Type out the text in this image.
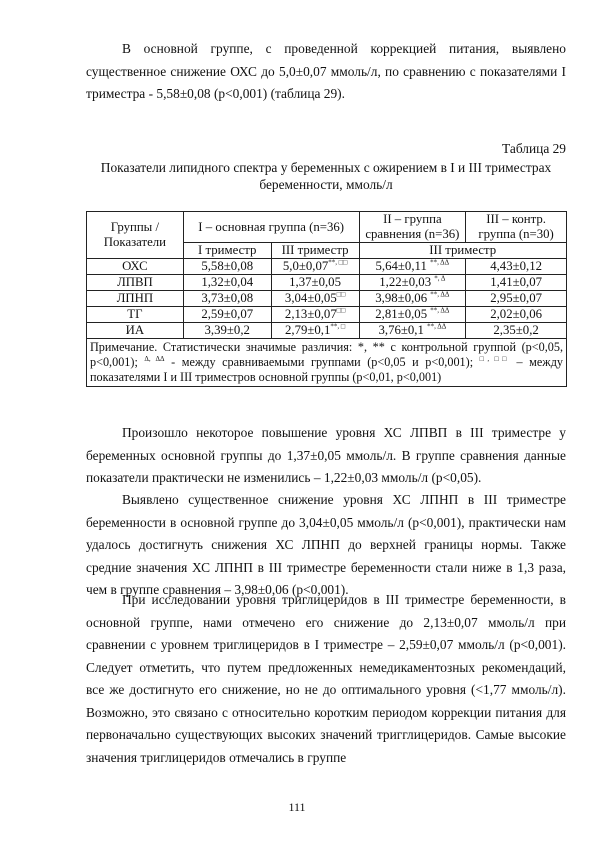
В основной группе, с проведенной коррекцией питания, выявлено существенное снижение ОХС до 5,0±0,07 ммоль/л, по сравнению с показателями I триместра - 5,58±0,08 (p<0,001) (таблица 29).

Таблица 29
Показатели липидного спектра у беременных с ожирением в I и III триместрах беременности, ммоль/л
Группы / Показатели	I – основная группа (n=36)		II – группа сравнения (n=36)	III – контр. группа (n=30)
	I триместр	III триместр	III триместр	
ОХС	5,58±0,08	5,0±0,07**, □□	5,64±0,11 $^{**, \Delta\Delta}$	4,43±0,12
ЛПВП	1,32±0,04	1,37±0,05	1,22±0,03 $^{*, \Delta}$	1,41±0,07
ЛПНП	3,73±0,08	3,04±0,05□□	3,98±0,06 $^{**, \Delta\Delta}$	2,95±0,07
ТГ	2,59±0,07	2,13±0,07□□	2,81±0,05 $^{**, \Delta\Delta}$	2,02±0,06
ИА	3,39±0,2	2,79±0,1**, □	3,76±0,1 $^{**, \Delta\Delta}$	2,35±0,2
Примечание. Статистически значимые различия: *, ** с контрольной группой (p<0,05, p<0,001); $^{\Delta, \Delta\Delta}$ - между сравниваемыми группами (p<0,05 и p<0,001); □, □□ – между показателями I и III триместров основной группы (p<0,01, p<0,001)				

Произошло некоторое повышение уровня ХС ЛПВП в III триместре у беременных основной группы до 1,37±0,05 ммоль/л. В группе сравнения данные показатели практически не изменились – 1,22±0,03 ммоль/л (p<0,05).

Выявлено существенное снижение уровня ХС ЛПНП в III триместре беременности в основной группе до 3,04±0,05 ммоль/л (p<0,001), практически нам удалось достигнуть снижения ХС ЛПНП до верхней границы нормы. Также средние значения ХС ЛПНП в III триместре беременности стали ниже в 1,3 раза, чем в группе сравнения – 3,98±0,06 (p<0,001).

При исследовании уровня триглицеридов в III триместре беременности, в основной группе, нами отмечено его снижение до 2,13±0,07 ммоль/л при сравнении с уровнем триглицеридов в I триместре – 2,59±0,07 ммоль/л (p<0,001). Следует отметить, что путем предложенных немедикаментозных рекомендаций, все же достигнуто его снижение, но не до оптимального уровня (<1,77 ммоль/л). Возможно, это связано с относительно коротким периодом коррекции питания для первоначально существующих высоких значений тригглицеридов. Самые высокие значения триглицеридов отмечались в группе

111
